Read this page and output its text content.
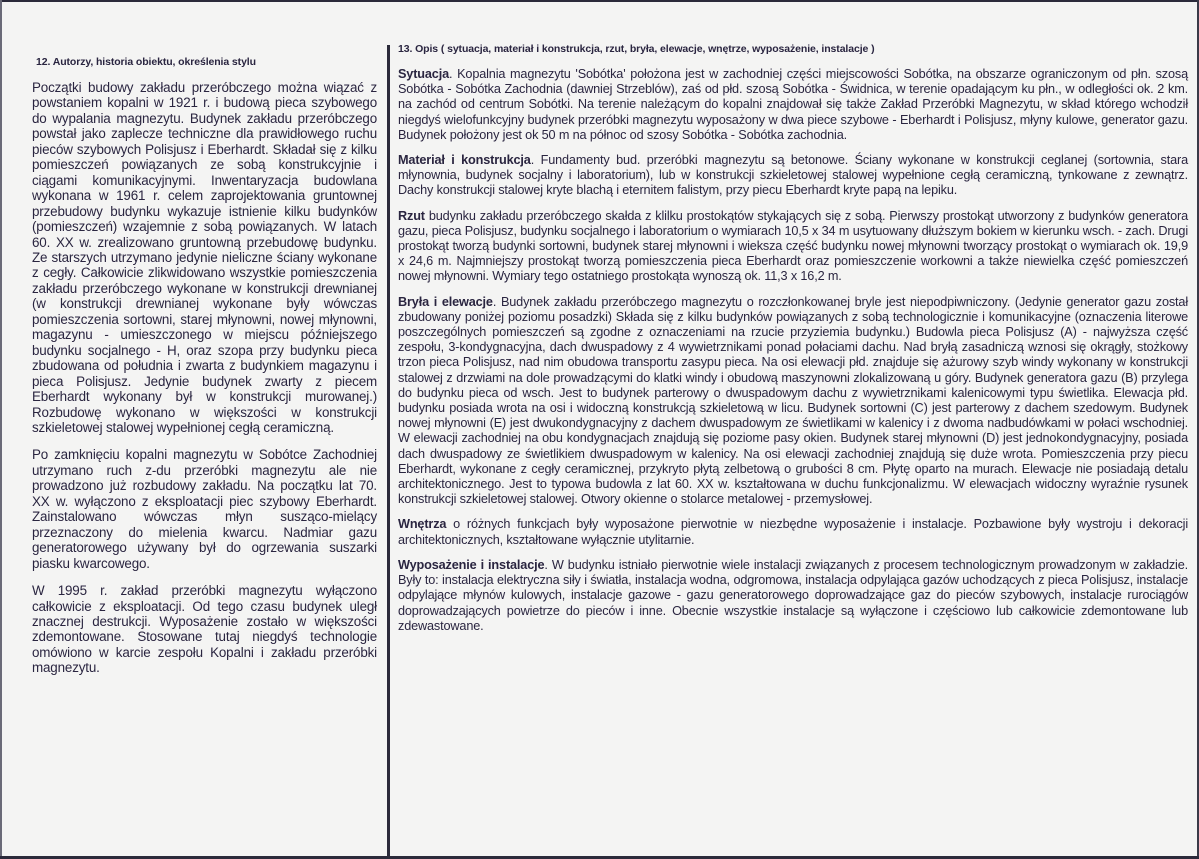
12. Autorzy, historia obiektu, określenia stylu

Początki budowy zakładu przeróbczego można wiązać z powstaniem kopalni w 1921 r. i budową pieca szybowego do wypalania magnezytu. Budynek zakładu przeróbczego powstał jako zaplecze techniczne dla prawidłowego ruchu pieców szybowych Polisjusz i Eberhardt. Składał się z kilku pomieszczeń powiązanych ze sobą konstrukcyjnie i ciągami komunikacyjnymi. Inwentaryzacja budowlana wykonana w 1961 r. celem zaprojektowania gruntownej przebudowy budynku wykazuje istnienie kilku budynków (pomieszczeń) wzajemnie z sobą powiązanych. W latach 60. XX w. zrealizowano gruntowną przebudowę budynku. Ze starszych utrzymano jedynie nieliczne ściany wykonane z cegły. Całkowicie zlikwidowano wszystkie pomieszczenia zakładu przeróbczego wykonane w konstrukcji drewnianej (w konstrukcji drewnianej wykonane były wówczas pomieszczenia sortowni, starej młynowni, nowej młynowni, magazynu - umieszczonego w miejscu późniejszego budynku socjalnego - H, oraz szopa przy budynku pieca zbudowana od południa i zwarta z budynkiem magazynu i pieca Polisjusz. Jedynie budynek zwarty z piecem Eberhardt wykonany był w konstrukcji murowanej.) Rozbudowę wykonano w większości w konstrukcji szkieletowej stalowej wypełnionej cegłą ceramiczną.

Po zamknięciu kopalni magnezytu w Sobótce Zachodniej utrzymano ruch z-du przeróbki magnezytu ale nie prowadzono już rozbudowy zakładu. Na początku lat 70. XX w. wyłączono z eksploatacji piec szybowy Eberhardt. Zainstalowano wówczas młyn susząco-mielący przeznaczony do mielenia kwarcu. Nadmiar gazu generatorowego używany był do ogrzewania suszarki piasku kwarcowego.

W 1995 r. zakład przeróbki magnezytu wyłączono całkowicie z eksploatacji. Od tego czasu budynek uległ znacznej destrukcji. Wyposażenie zostało w większości zdemontowane. Stosowane tutaj niegdyś technologie omówiono w karcie zespołu Kopalni i zakładu przeróbki magnezytu.

13. Opis ( sytuacja, materiał i konstrukcja, rzut, bryła, elewacje, wnętrze, wyposażenie, instalacje )

Sytuacja. Kopalnia magnezytu 'Sobótka' położona jest w zachodniej części miejscowości Sobótka, na obszarze ograniczonym od płn. szosą Sobótka - Sobótka Zachodnia (dawniej Strzeblów), zaś od płd. szosą Sobótka - Świdnica, w terenie opadającym ku płn., w odległości ok. 2 km. na zachód od centrum Sobótki. Na terenie należącym do kopalni znajdował się także Zakład Przeróbki Magnezytu, w skład którego wchodził niegdyś wielofunkcyjny budynek przeróbki magnezytu wyposażony w dwa piece szybowe - Eberhardt i Polisjusz, młyny kulowe, generator gazu. Budynek położony jest ok 50 m na północ od szosy Sobótka - Sobótka zachodnia.

Materiał i konstrukcja. Fundamenty bud. przeróbki magnezytu są betonowe. Ściany wykonane w konstrukcji ceglanej (sortownia, stara młynownia, budynek socjalny i laboratorium), lub w konstrukcji szkieletowej stalowej wypełnione cegłą ceramiczną, tynkowane z zewnątrz. Dachy konstrukcji stalowej kryte blachą i eternitem falistym, przy piecu Eberhardt kryte papą na lepiku.

Rzut budynku zakładu przeróbczego skałda z klilku prostokątów stykających się z sobą. Pierwszy prostokąt utworzony z budynków generatora gazu, pieca Polisjusz, budynku socjalnego i laboratorium o wymiarach 10,5 x 34 m usytuowany dłuższym bokiem w kierunku wsch. - zach. Drugi prostokąt tworzą budynki sortowni, budynek starej młynowni i wieksza część budynku nowej młynowni tworzący prostokąt o wymiarach ok. 19,9 x 24,6 m. Najmniejszy prostokąt tworzą pomieszczenia pieca Eberhardt oraz pomieszczenie workowni a także niewielka część pomieszczeń nowej młynowni. Wymiary tego ostatniego prostokąta wynoszą ok. 11,3 x 16,2 m.

Bryła i elewacje. Budynek zakładu przeróbczego magnezytu o rozczłonkowanej bryle jest niepodpiwniczony. (Jedynie generator gazu został zbudowany poniżej poziomu posadzki) Składa się z kilku budynków powiązanych z sobą technologicznie i komunikacyjne (oznaczenia literowe poszczególnych pomieszczeń są zgodne z oznaczeniami na rzucie przyziemia budynku.) Budowla pieca Polisjusz (A) - najwyższa część zespołu, 3-kondygnacyjna, dach dwuspadowy z 4 wywietrznikami ponad połaciami dachu. Nad bryłą zasadniczą wznosi się okrągły, stożkowy trzon pieca Polisjusz, nad nim obudowa transportu zasypu pieca. Na osi elewacji płd. znajduje się ażurowy szyb windy wykonany w konstrukcji stalowej z drzwiami na dole prowadzącymi do klatki windy i obudową maszynowni zlokalizowaną u góry. Budynek generatora gazu (B) przylega do budynku pieca od wsch. Jest to budynek parterowy o dwuspadowym dachu z wywietrznikami kalenicowymi typu świetlika. Elewacja płd. budynku posiada wrota na osi i widoczną konstrukcją szkieletową w licu. Budynek sortowni (C) jest parterowy z dachem szedowym. Budynek nowej młynowni (E) jest dwukondygnacyjny z dachem dwuspadowym ze świetlikami w kalenicy i z dwoma nadbudówkami w połaci wschodniej. W elewacji zachodniej na obu kondygnacjach znajdują się poziome pasy okien. Budynek starej młynowni (D) jest jednokondygnacyjny, posiada dach dwuspadowy ze świetlikiem dwuspadowym w kalenicy. Na osi elewacji zachodniej znajdują się duże wrota. Pomieszczenia przy piecu Eberhardt, wykonane z cegły ceramicznej, przykryto płytą zelbetową o grubości 8 cm. Płytę oparto na murach. Elewacje nie posiadają detalu architektonicznego. Jest to typowa budowla z lat 60. XX w. kształtowana w duchu funkcjonalizmu. W elewacjach widoczny wyraźnie rysunek konstrukcji szkieletowej stalowej. Otwory okienne o stolarce metalowej - przemysłowej.

Wnętrza o różnych funkcjach były wyposażone pierwotnie w niezbędne wyposażenie i instalacje. Pozbawione były wystroju i dekoracji architektonicznych, kształtowane wyłącznie utylitarnie.

Wyposażenie i instalacje. W budynku istniało pierwotnie wiele instalacji związanych z procesem technologicznym prowadzonym w zakładzie. Były to: instalacja elektryczna siły i światła, instalacja wodna, odgromowa, instalacja odpylająca gazów uchodzących z pieca Polisjusz, instalacje odpylające młynów kulowych, instalacje gazowe - gazu generatorowego doprowadzające gaz do pieców szybowych, instalacje rurociągów doprowadzających powietrze do pieców i inne. Obecnie wszystkie instalacje są wyłączone i częściowo lub całkowicie zdemontowane lub zdewastowane.
